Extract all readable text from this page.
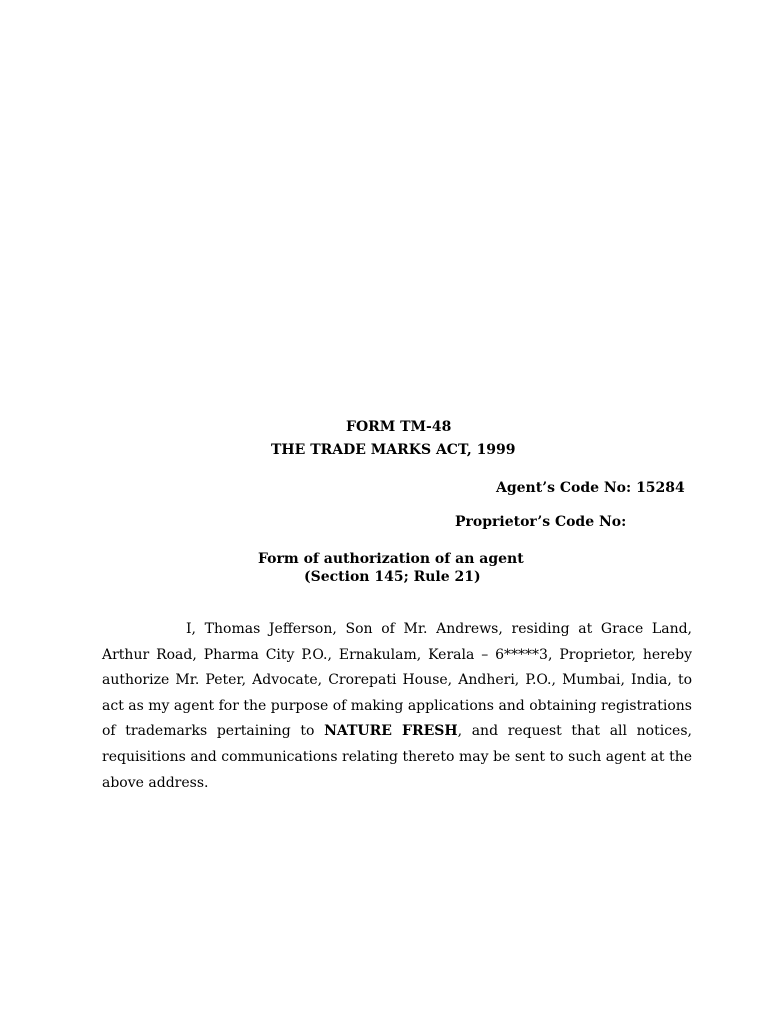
FORM TM-48
THE TRADE MARKS ACT, 1999
Agent’s Code No: 15284
Proprietor’s Code No:
Form of authorization of an agent
(Section 145; Rule 21)

I, Thomas Jefferson, Son of Mr. Andrews, residing at Grace Land, Arthur Road, Pharma City P.O., Ernakulam, Kerala – 6*****3, Proprietor, hereby authorize Mr. Peter, Advocate, Crorepati House, Andheri, P.O., Mumbai, India, to act as my agent for the purpose of making applications and obtaining registrations of trademarks pertaining to NATURE FRESH, and request that all notices, requisitions and communications relating thereto may be sent to such agent at the above address.
